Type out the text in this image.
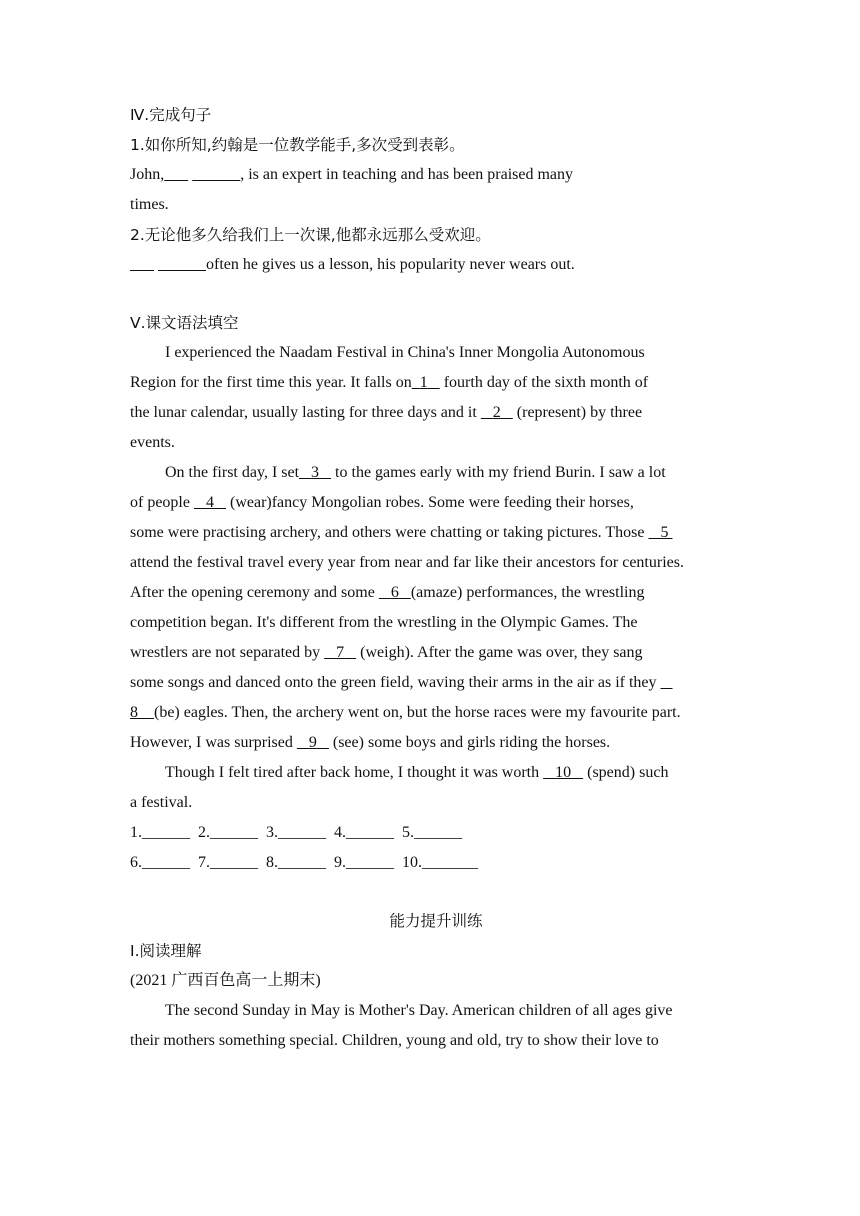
Ⅳ.完成句子
1.如你所知,约翰是一位教学能手,多次受到表彰。
John,	, is an expert in teaching and has been praised many
times.
2.无论他多久给我们上一次课,他都永远那么受欢迎。
often he gives us a lesson, his popularity never wears out.
Ⅴ.课文语法填空
I experienced the Naadam Festival in China's Inner Mongolia Autonomous
Region for the first time this year. It falls on 1 fourth day of the sixth month of
the lunar calendar, usually lasting for three days and it 2 (represent) by three
events.
On the first day, I set 3 to the games early with my friend Burin. I saw a lot
of people 4 (wear)fancy Mongolian robes. Some were feeding their horses,
some were practising archery, and others were chatting or taking pictures. Those 5
attend the festival travel every year from near and far like their ancestors for centuries.
After the opening ceremony and some 6 (amaze) performances, the wrestling
competition began. It's different from the wrestling in the Olympic Games. The
wrestlers are not separated by 7 (weigh). After the game was over, they sang
some songs and danced onto the green field, waving their arms in the air as if they
8 (be) eagles. Then, the archery went on, but the horse races were my favourite part.
However, I was surprised 9 (see) some boys and girls riding the horses.
Though I felt tired after back home, I thought it was worth 10 (spend) such
a festival.
1.______  2.______  3.______  4.______  5.______
6.______  7.______  8.______  9.______  10._______
能力提升训练
Ⅰ.阅读理解
(2021 广西百色高一上期末)
The second Sunday in May is Mother's Day. American children of all ages give
their mothers something special. Children, young and old, try to show their love to
